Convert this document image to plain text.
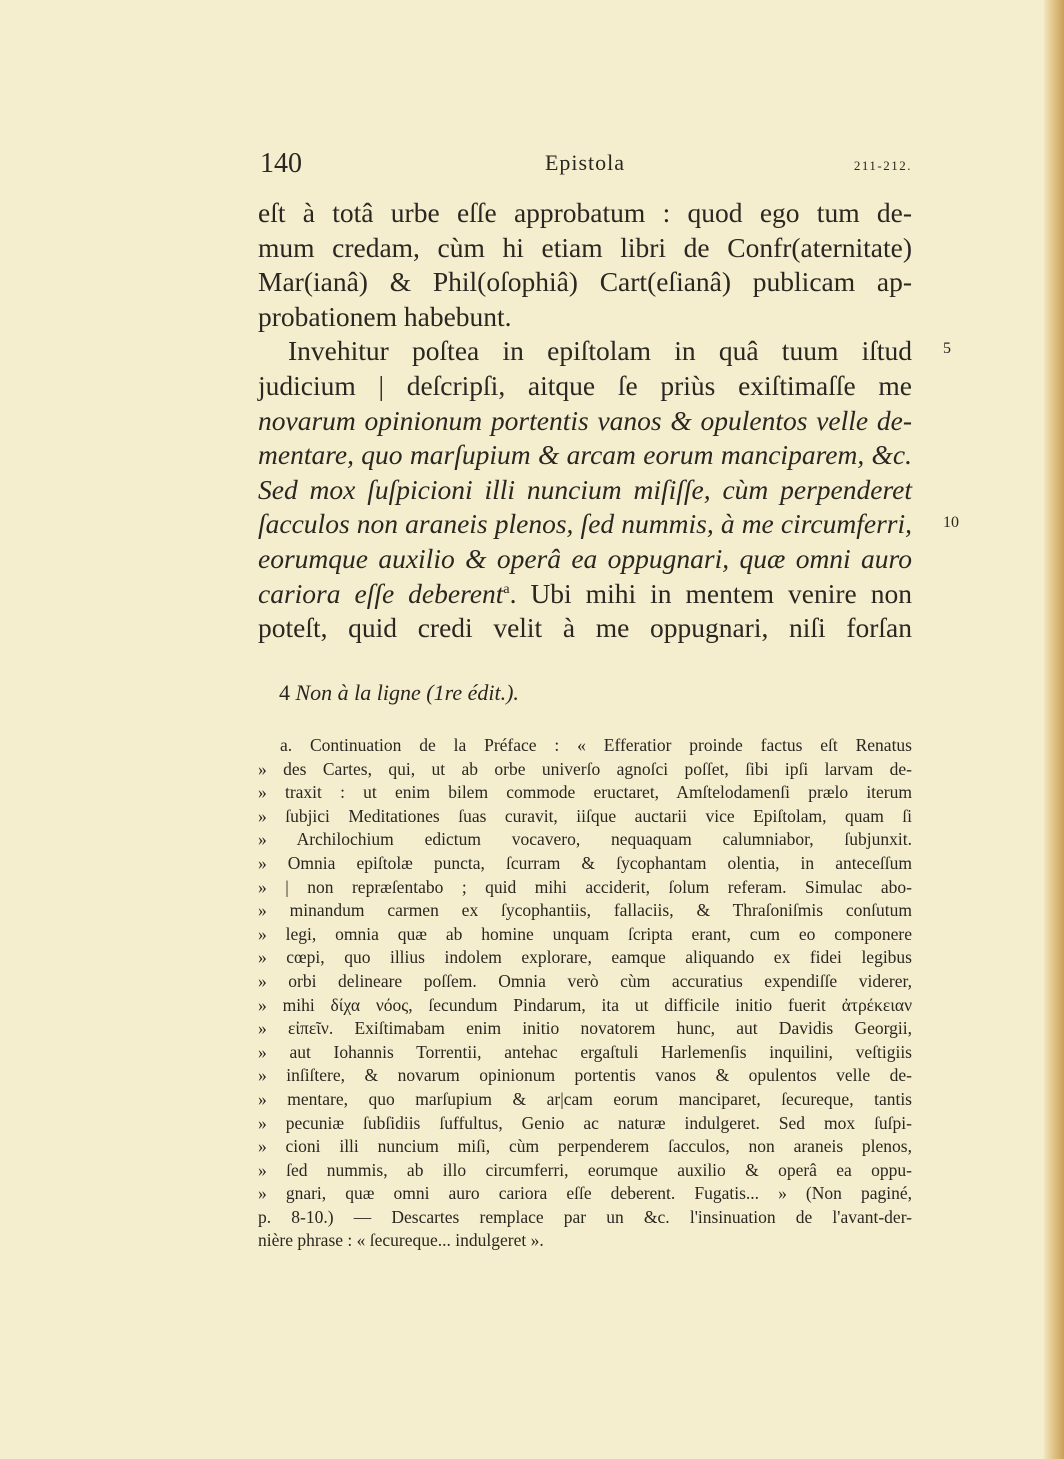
140	Epistola	211-212.
eſt à totâ urbe eſſe approbatum : quod ego tum de-
mum credam, cùm hi etiam libri de Confr(aternitate)
Mar(ianâ) & Phil(oſophiâ) Cart(eſianâ) publicam ap-
probationem habebunt.
Invehitur poſtea in epiſtolam in quâ tuum iſtud
judicium | deſcripſi, aitque ſe priùs exiſtimaſſe me
novarum opinionum portentis vanos & opulentos velle de-
mentare, quo marſupium & arcam eorum manciparem, &c.
Sed mox ſuſpicioni illi nuncium miſiſſe, cùm perpenderet
ſacculos non araneis plenos, ſed nummis, à me circumferri,
eorumque auxilio & operâ ea oppugnari, quæ omni auro
cariora eſſe deberent$^a$. Ubi mihi in mentem venire non
poteſt, quid credi velit à me oppugnari, niſi forſan
5
10
4 Non à la ligne (1re édit.).
a. Continuation de la Préface : « Efferatior proinde factus eſt Renatus
» des Cartes, qui, ut ab orbe univerſo agnoſci poſſet, ſibi ipſi larvam de-
» traxit : ut enim bilem commode eructaret, Amſtelodamenſi prælo iterum
» ſubjici Meditationes ſuas curavit, iiſque auctarii vice Epiſtolam, quam ſi
» Archilochium edictum vocavero, nequaquam calumniabor, ſubjunxit.
» Omnia epiſtolæ puncta, ſcurram & ſycophantam olentia, in anteceſſum
» | non repræſentabo ; quid mihi acciderit, ſolum referam. Simulac abo-
» minandum carmen ex ſycophantiis, fallaciis, & Thraſoniſmis conſutum
» legi, omnia quæ ab homine unquam ſcripta erant, cum eo componere
» cœpi, quo illius indolem explorare, eamque aliquando ex fidei legibus
» orbi delineare poſſem. Omnia verò cùm accuratius expendiſſe viderer,
» mihi δίχα νόος, ſecundum Pindarum, ita ut difficile initio fuerit ἀτρέκειαν
» εἰπεῖν. Exiſtimabam enim initio novatorem hunc, aut Davidis Georgii,
» aut Iohannis Torrentii, antehac ergaſtuli Harlemenſis inquilini, veſtigiis
» inſiſtere, & novarum opinionum portentis vanos & opulentos velle de-
» mentare, quo marſupium & ar|cam eorum manciparet, ſecureque, tantis
» pecuniæ ſubſidiis ſuffultus, Genio ac naturæ indulgeret. Sed mox ſuſpi-
» cioni illi nuncium miſi, cùm perpenderem ſacculos, non araneis plenos,
» ſed nummis, ab illo circumferri, eorumque auxilio & operâ ea oppu-
» gnari, quæ omni auro cariora eſſe deberent. Fugatis... » (Non paginé,
p. 8-10.) — Descartes remplace par un &c. l'insinuation de l'avant-der-
nière phrase : « ſecureque... indulgeret ».
